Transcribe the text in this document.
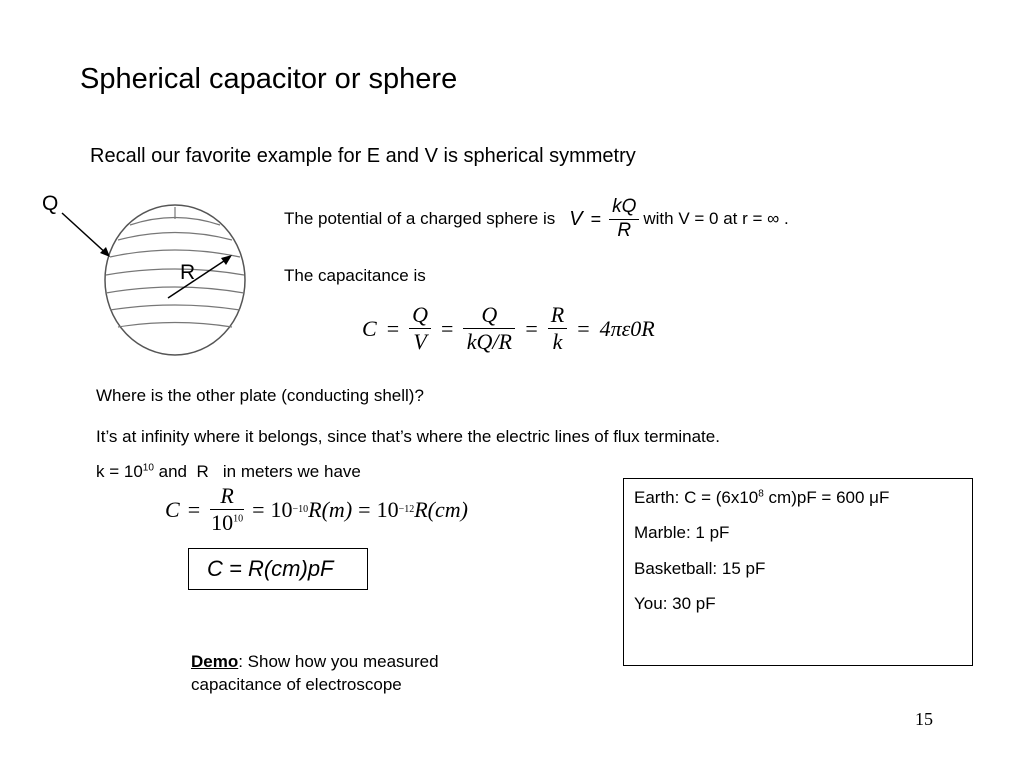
Spherical capacitor or sphere
Recall our favorite example for E and V is spherical symmetry
Q
R
The potential of a charged sphere is $V = \frac{kQ}{R}$ with V = 0 at r = ∞ .
The capacitance is
$C = \frac{Q}{V} = \frac{Q}{kQ/R} = \frac{R}{k} = 4\pi\varepsilon 0R$
Where is the other plate (conducting shell)?
It’s at infinity where it belongs, since that’s where the electric lines of flux terminate.
$k = 10^{10}$ and  R   in meters we have
$C = \frac{R}{10^{10}} = 10 -10$ R(m) = 10 −12 R(cm)
C = R(cm)pF

Earth: $C = (6x10^8$ cm)pF = 600 μF

Marble: 1 pF

Basketball: 15 pF

You: 30 pF

Demo: Show how you measured
capacitance of electroscope
15
